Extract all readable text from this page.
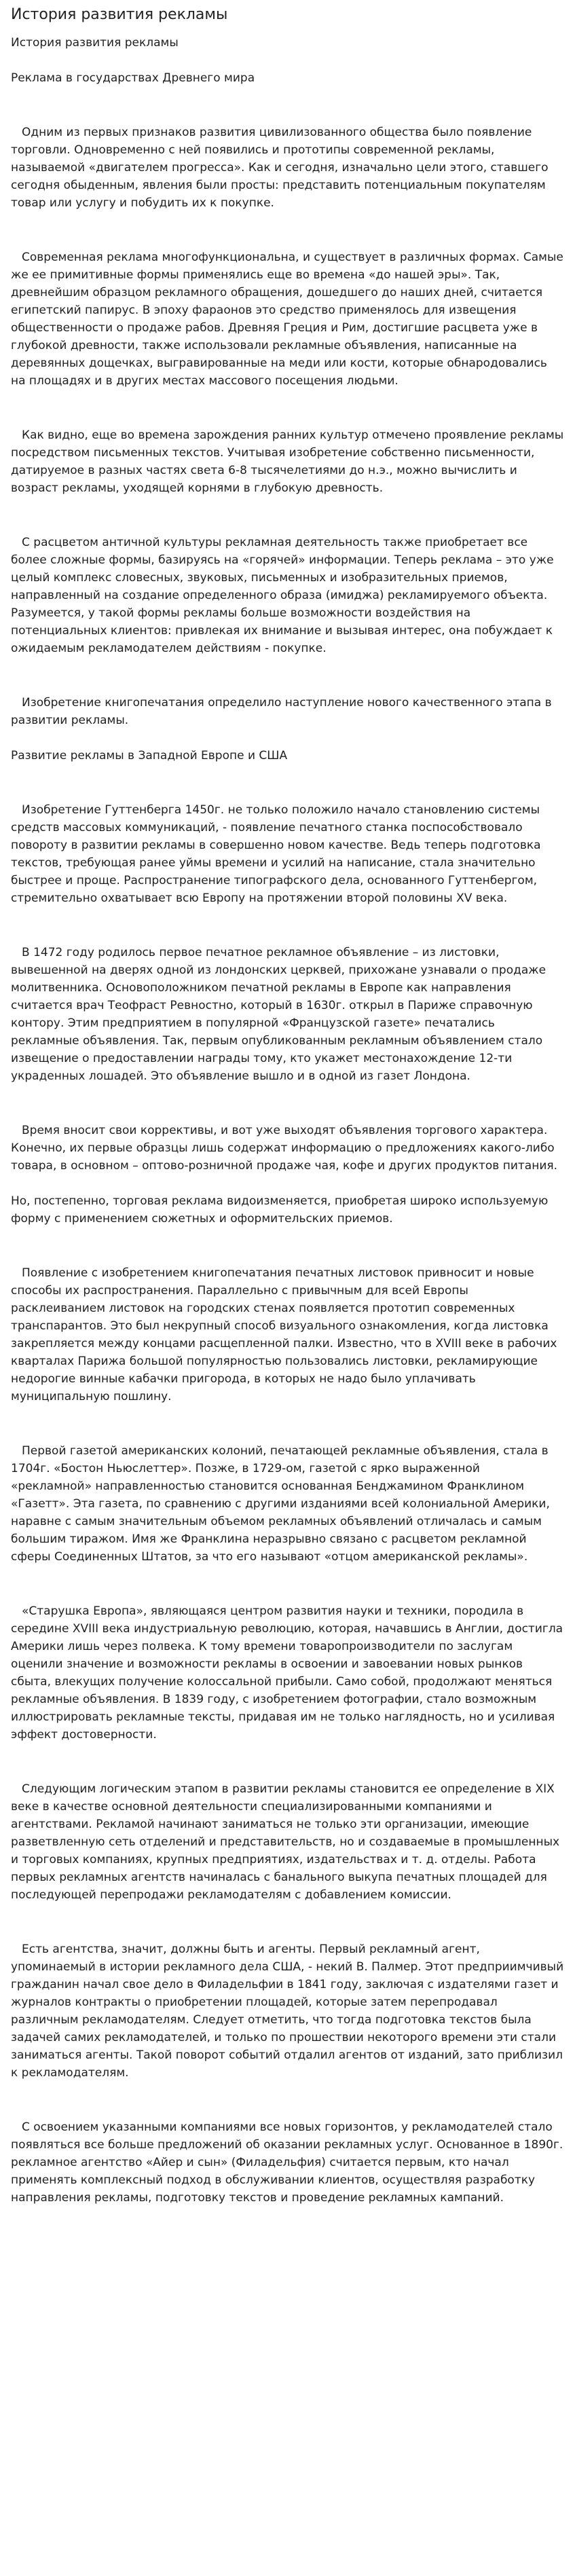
История развития рекламы
История развития рекламы
Реклама в государствах Древнего мира

Одним из первых признаков развития цивилизованного общества было появление торговли. Одновременно с ней появились и прототипы современной рекламы, называемой «двигателем прогресса». Как и сегодня, изначально цели этого, ставшего сегодня обыденным, явления были просты: представить потенциальным покупателям товар или услугу и побудить их к покупке.

Современная реклама многофункциональна, и существует в различных формах. Самые же ее примитивные формы применялись еще во времена «до нашей эры». Так, древнейшим образцом рекламного обращения, дошедшего до наших дней, считается египетский папирус. В эпоху фараонов это средство применялось для извещения общественности о продаже рабов. Древняя Греция и Рим, достигшие расцвета уже в глубокой древности, также использовали рекламные объявления, написанные на деревянных дощечках, выгравированные на меди или кости, которые обнародовались на площадях и в других местах массового посещения людьми.

Как видно, еще во времена зарождения ранних культур отмечено проявление рекламы посредством письменных текстов. Учитывая изобретение собственно письменности, датируемое в разных частях света 6-8 тысячелетиями до н.э., можно вычислить и возраст рекламы, уходящей корнями в глубокую древность.

С расцветом античной культуры рекламная деятельность также приобретает все более сложные формы, базируясь на «горячей» информации. Теперь реклама – это уже целый комплекс словесных, звуковых, письменных и изобразительных приемов, направленный на создание определенного образа (имиджа) рекламируемого объекта. Разумеется, у такой формы рекламы больше возможности воздействия на потенциальных клиентов: привлекая их внимание и вызывая интерес, она побуждает к ожидаемым рекламодателем действиям - покупке.

Изобретение книгопечатания определило наступление нового качественного этапа в развитии рекламы.

Развитие рекламы в Западной Европе и США

Изобретение Гуттенберга 1450г. не только положило начало становлению системы средств массовых коммуникаций, - появление печатного станка поспособствовало повороту в развитии рекламы в совершенно новом качестве. Ведь теперь подготовка текстов, требующая ранее уймы времени и усилий на написание, стала значительно быстрее и проще. Распространение типографского дела, основанного Гуттенбергом, стремительно охватывает всю Европу на протяжении второй половины XV века.

В 1472 году родилось первое печатное рекламное объявление – из листовки, вывешенной на дверях одной из лондонских церквей, прихожане узнавали о продаже молитвенника. Основоположником печатной рекламы в Европе как направления считается врач Теофраст Ревностно, который в 1630г. открыл в Париже справочную контору. Этим предприятием в популярной «Французской газете» печатались рекламные объявления. Так, первым опубликованным рекламным объявлением стало извещение о предоставлении награды тому, кто укажет местонахождение 12-ти украденных лошадей. Это объявление вышло и в одной из газет Лондона.

Время вносит свои коррективы, и вот уже выходят объявления торгового характера. Конечно, их первые образцы лишь содержат информацию о предложениях какого-либо товара, в основном – оптово-розничной продаже чая, кофе и других продуктов питания.

Но, постепенно, торговая реклама видоизменяется, приобретая широко используемую форму с применением сюжетных и оформительских приемов.

Появление с изобретением книгопечатания печатных листовок привносит и новые способы их распространения. Параллельно с привычным для всей Европы расклеиванием листовок на городских стенах появляется прототип современных транспарантов. Это был некрупный способ визуального ознакомления, когда листовка закрепляется между концами расщепленной палки. Известно, что в XVIII веке в рабочих кварталах Парижа большой популярностью пользовались листовки, рекламирующие недорогие винные кабачки пригорода, в которых не надо было уплачивать муниципальную пошлину.

Первой газетой американских колоний, печатающей рекламные объявления, стала в 1704г. «Бостон Ньюслеттер». Позже, в 1729-ом, газетой с ярко выраженной «рекламной» направленностью становится основанная Бенджамином Франклином «Газетт». Эта газета, по сравнению с другими изданиями всей колониальной Америки, наравне с самым значительным объемом рекламных объявлений отличалась и самым большим тиражом. Имя же Франклина неразрывно связано с расцветом рекламной сферы Соединенных Штатов, за что его называют «отцом американской рекламы».

«Старушка Европа», являющаяся центром развития науки и техники, породила в середине XVIII века индустриальную революцию, которая, начавшись в Англии, достигла Америки лишь через полвека. К тому времени товаропроизводители по заслугам оценили значение и возможности рекламы в освоении и завоевании новых рынков сбыта, влекущих получение колоссальной прибыли. Само собой, продолжают меняться рекламные объявления. В 1839 году, с изобретением фотографии, стало возможным иллюстрировать рекламные тексты, придавая им не только наглядность, но и усиливая эффект достоверности.

Следующим логическим этапом в развитии рекламы становится ее определение в XIX веке в качестве основной деятельности специализированными компаниями и агентствами. Рекламой начинают заниматься не только эти организации, имеющие разветвленную сеть отделений и представительств, но и создаваемые в промышленных и торговых компаниях, крупных предприятиях, издательствах и т. д. отделы. Работа первых рекламных агентств начиналась с банального выкупа печатных площадей для последующей перепродажи рекламодателям с добавлением комиссии.

Есть агентства, значит, должны быть и агенты. Первый рекламный агент, упоминаемый в истории рекламного дела США, - некий В. Палмер. Этот предприимчивый гражданин начал свое дело в Филадельфии в 1841 году, заключая с издателями газет и журналов контракты о приобретении площадей, которые затем перепродавал различным рекламодателям. Следует отметить, что тогда подготовка текстов была задачей самих рекламодателей, и только по прошествии некоторого времени эти стали заниматься агенты. Такой поворот событий отдалил агентов от изданий, зато приблизил к рекламодателям.

С освоением указанными компаниями все новых горизонтов, у рекламодателей стало появляться все больше предложений об оказании рекламных услуг. Основанное в 1890г. рекламное агентство «Айер и сын» (Филадельфия) считается первым, кто начал применять комплексный подход в обслуживании клиентов, осуществляя разработку направления рекламы, подготовку текстов и проведение рекламных кампаний.
